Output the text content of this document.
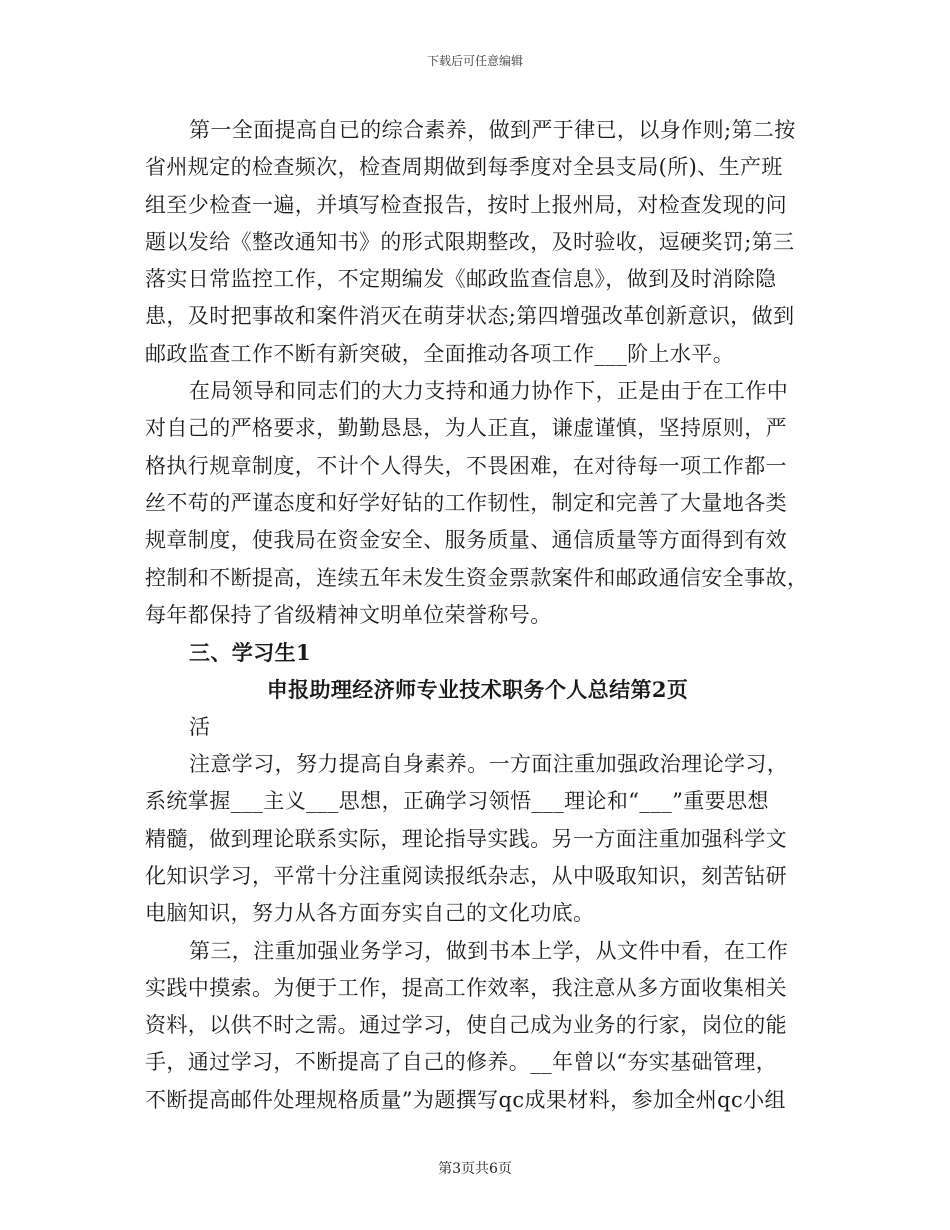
下载后可任意编辑
第一全面提高自已的综合素养，做到严于律已，以身作则;第二按
省州规定的检查频次，检查周期做到每季度对全县支局(所)、生产班
组至少检查一遍，并填写检查报告，按时上报州局，对检查发现的问
题以发给《整改通知书》的形式限期整改，及时验收，逗硬奖罚;第三
落实日常监控工作，不定期编发《邮政监查信息》，做到及时消除隐
患，及时把事故和案件消灭在萌芽状态;第四增强改革创新意识，做到
邮政监查工作不断有新突破，全面推动各项工作___阶上水平。
在局领导和同志们的大力支持和通力协作下，正是由于在工作中
对自己的严格要求，勤勤恳恳，为人正直，谦虚谨慎，坚持原则，严
格执行规章制度，不计个人得失，不畏困难，在对待每一项工作都一
丝不苟的严谨态度和好学好钻的工作韧性，制定和完善了大量地各类
规章制度，使我局在资金安全、服务质量、通信质量等方面得到有效
控制和不断提高，连续五年未发生资金票款案件和邮政通信安全事故，
每年都保持了省级精神文明单位荣誉称号。
三、学习生1
申报助理经济师专业技术职务个人总结第2页
活
注意学习，努力提高自身素养。一方面注重加强政治理论学习，
系统掌握___主义___思想，正确学习领悟___理论和“___”重要思想
精髓，做到理论联系实际，理论指导实践。另一方面注重加强科学文
化知识学习，平常十分注重阅读报纸杂志，从中吸取知识，刻苦钻研
电脑知识，努力从各方面夯实自己的文化功底。
第三，注重加强业务学习，做到书本上学，从文件中看，在工作
实践中摸索。为便于工作，提高工作效率，我注意从多方面收集相关
资料，以供不时之需。通过学习，使自己成为业务的行家，岗位的能
手，通过学习，不断提高了自己的修养。__年曾以“夯实基础管理，
不断提高邮件处理规格质量”为题撰写qc成果材料，参加全州qc小组
第3页共6页
